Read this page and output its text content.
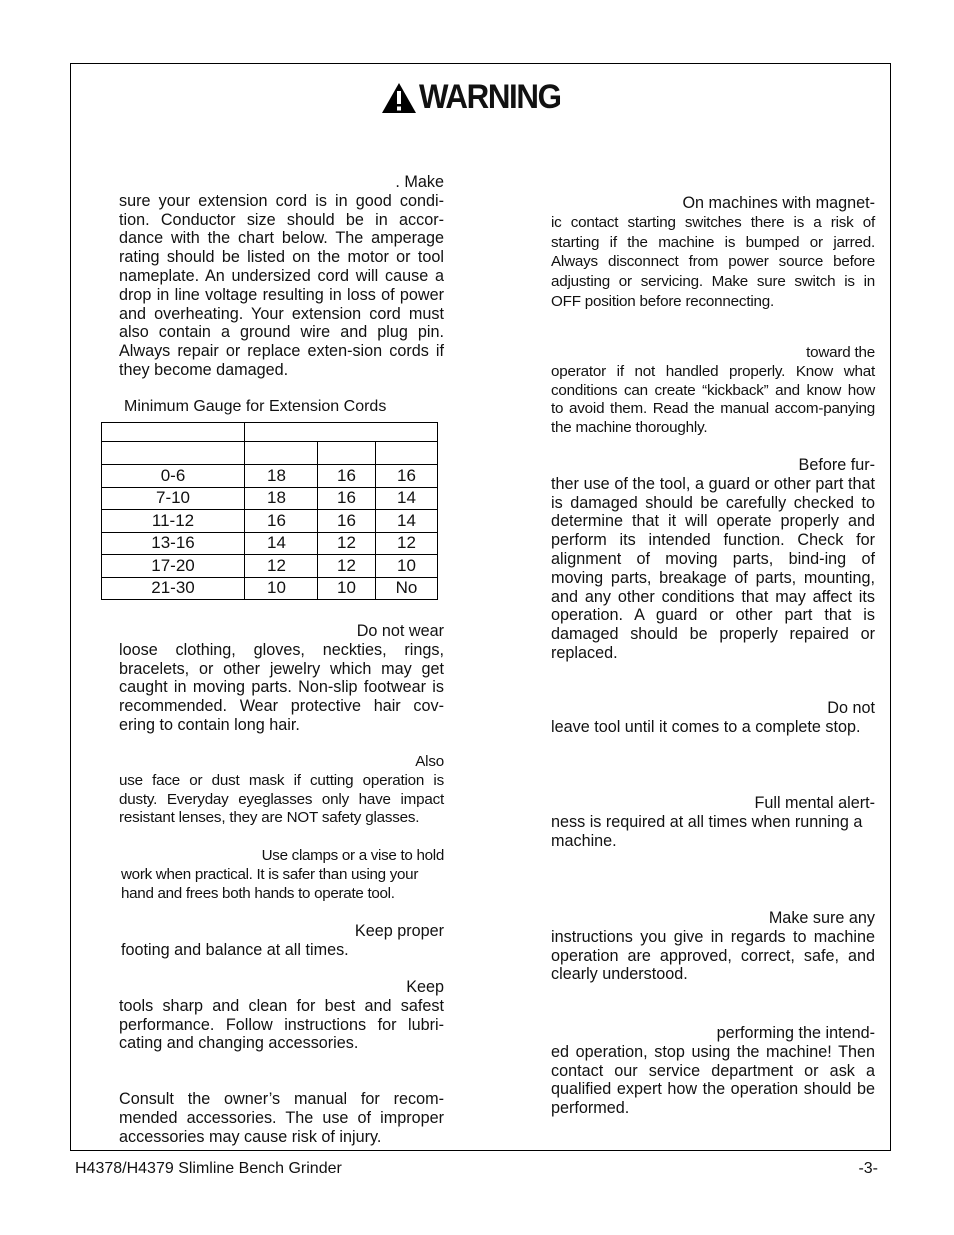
WARNING
. Make
sure your extension cord is in good condi-tion. Conductor size should be in accor-dance with the chart below. The amperage rating should be listed on the motor or tool nameplate. An undersized cord will cause a drop in line voltage resulting in loss of power and overheating. Your extension cord must also contain a ground wire and plug pin. Always repair or replace exten-sion cords if they become damaged.
Minimum Gauge for Extension Cords

0-6	18	16	16
7-10	18	16	14
11-12	16	16	14
13-16	14	12	12
17-20	12	12	10
21-30	10	10	No
Do not wear
loose clothing, gloves, neckties, rings, bracelets, or other jewelry which may get caught in moving parts. Non-slip footwear is recommended. Wear protective hair cov-ering to contain long hair.
Also
use face or dust mask if cutting operation is dusty. Everyday eyeglasses only have impact resistant lenses, they are NOT safety glasses.
Use clamps or a vise to hold
work when practical. It is safer than using your hand and frees both hands to operate tool.
Keep proper
footing and balance at all times.
Keep
tools sharp and clean for best and safest performance. Follow instructions for lubri-cating and changing accessories.
Consult the owner’s manual for recom-mended accessories. The use of improper accessories may cause risk of injury.
On machines with magnet-
ic contact starting switches there is a risk of starting if the machine is bumped or jarred. Always disconnect from power source before adjusting or servicing. Make sure switch is in OFF position before reconnecting.
toward the
operator if not handled properly. Know what conditions can create “kickback” and know how to avoid them. Read the manual accom-panying the machine thoroughly.
Before fur-
ther use of the tool, a guard or other part that is damaged should be carefully checked to determine that it will operate properly and perform its intended function. Check for alignment of moving parts, bind-ing of moving parts, breakage of parts, mounting, and any other conditions that may affect its operation. A guard or other part that is damaged should be properly repaired or replaced.
Do not
leave tool until it comes to a complete stop.
Full mental alert-
ness is required at all times when running a machine.
Make sure any
instructions you give in regards to machine operation are approved, correct, safe, and clearly understood.
performing the intend-
ed operation, stop using the machine! Then contact our service department or ask a qualified expert how the operation should be performed.
H4378/H4379 Slimline Bench Grinder	-3-
